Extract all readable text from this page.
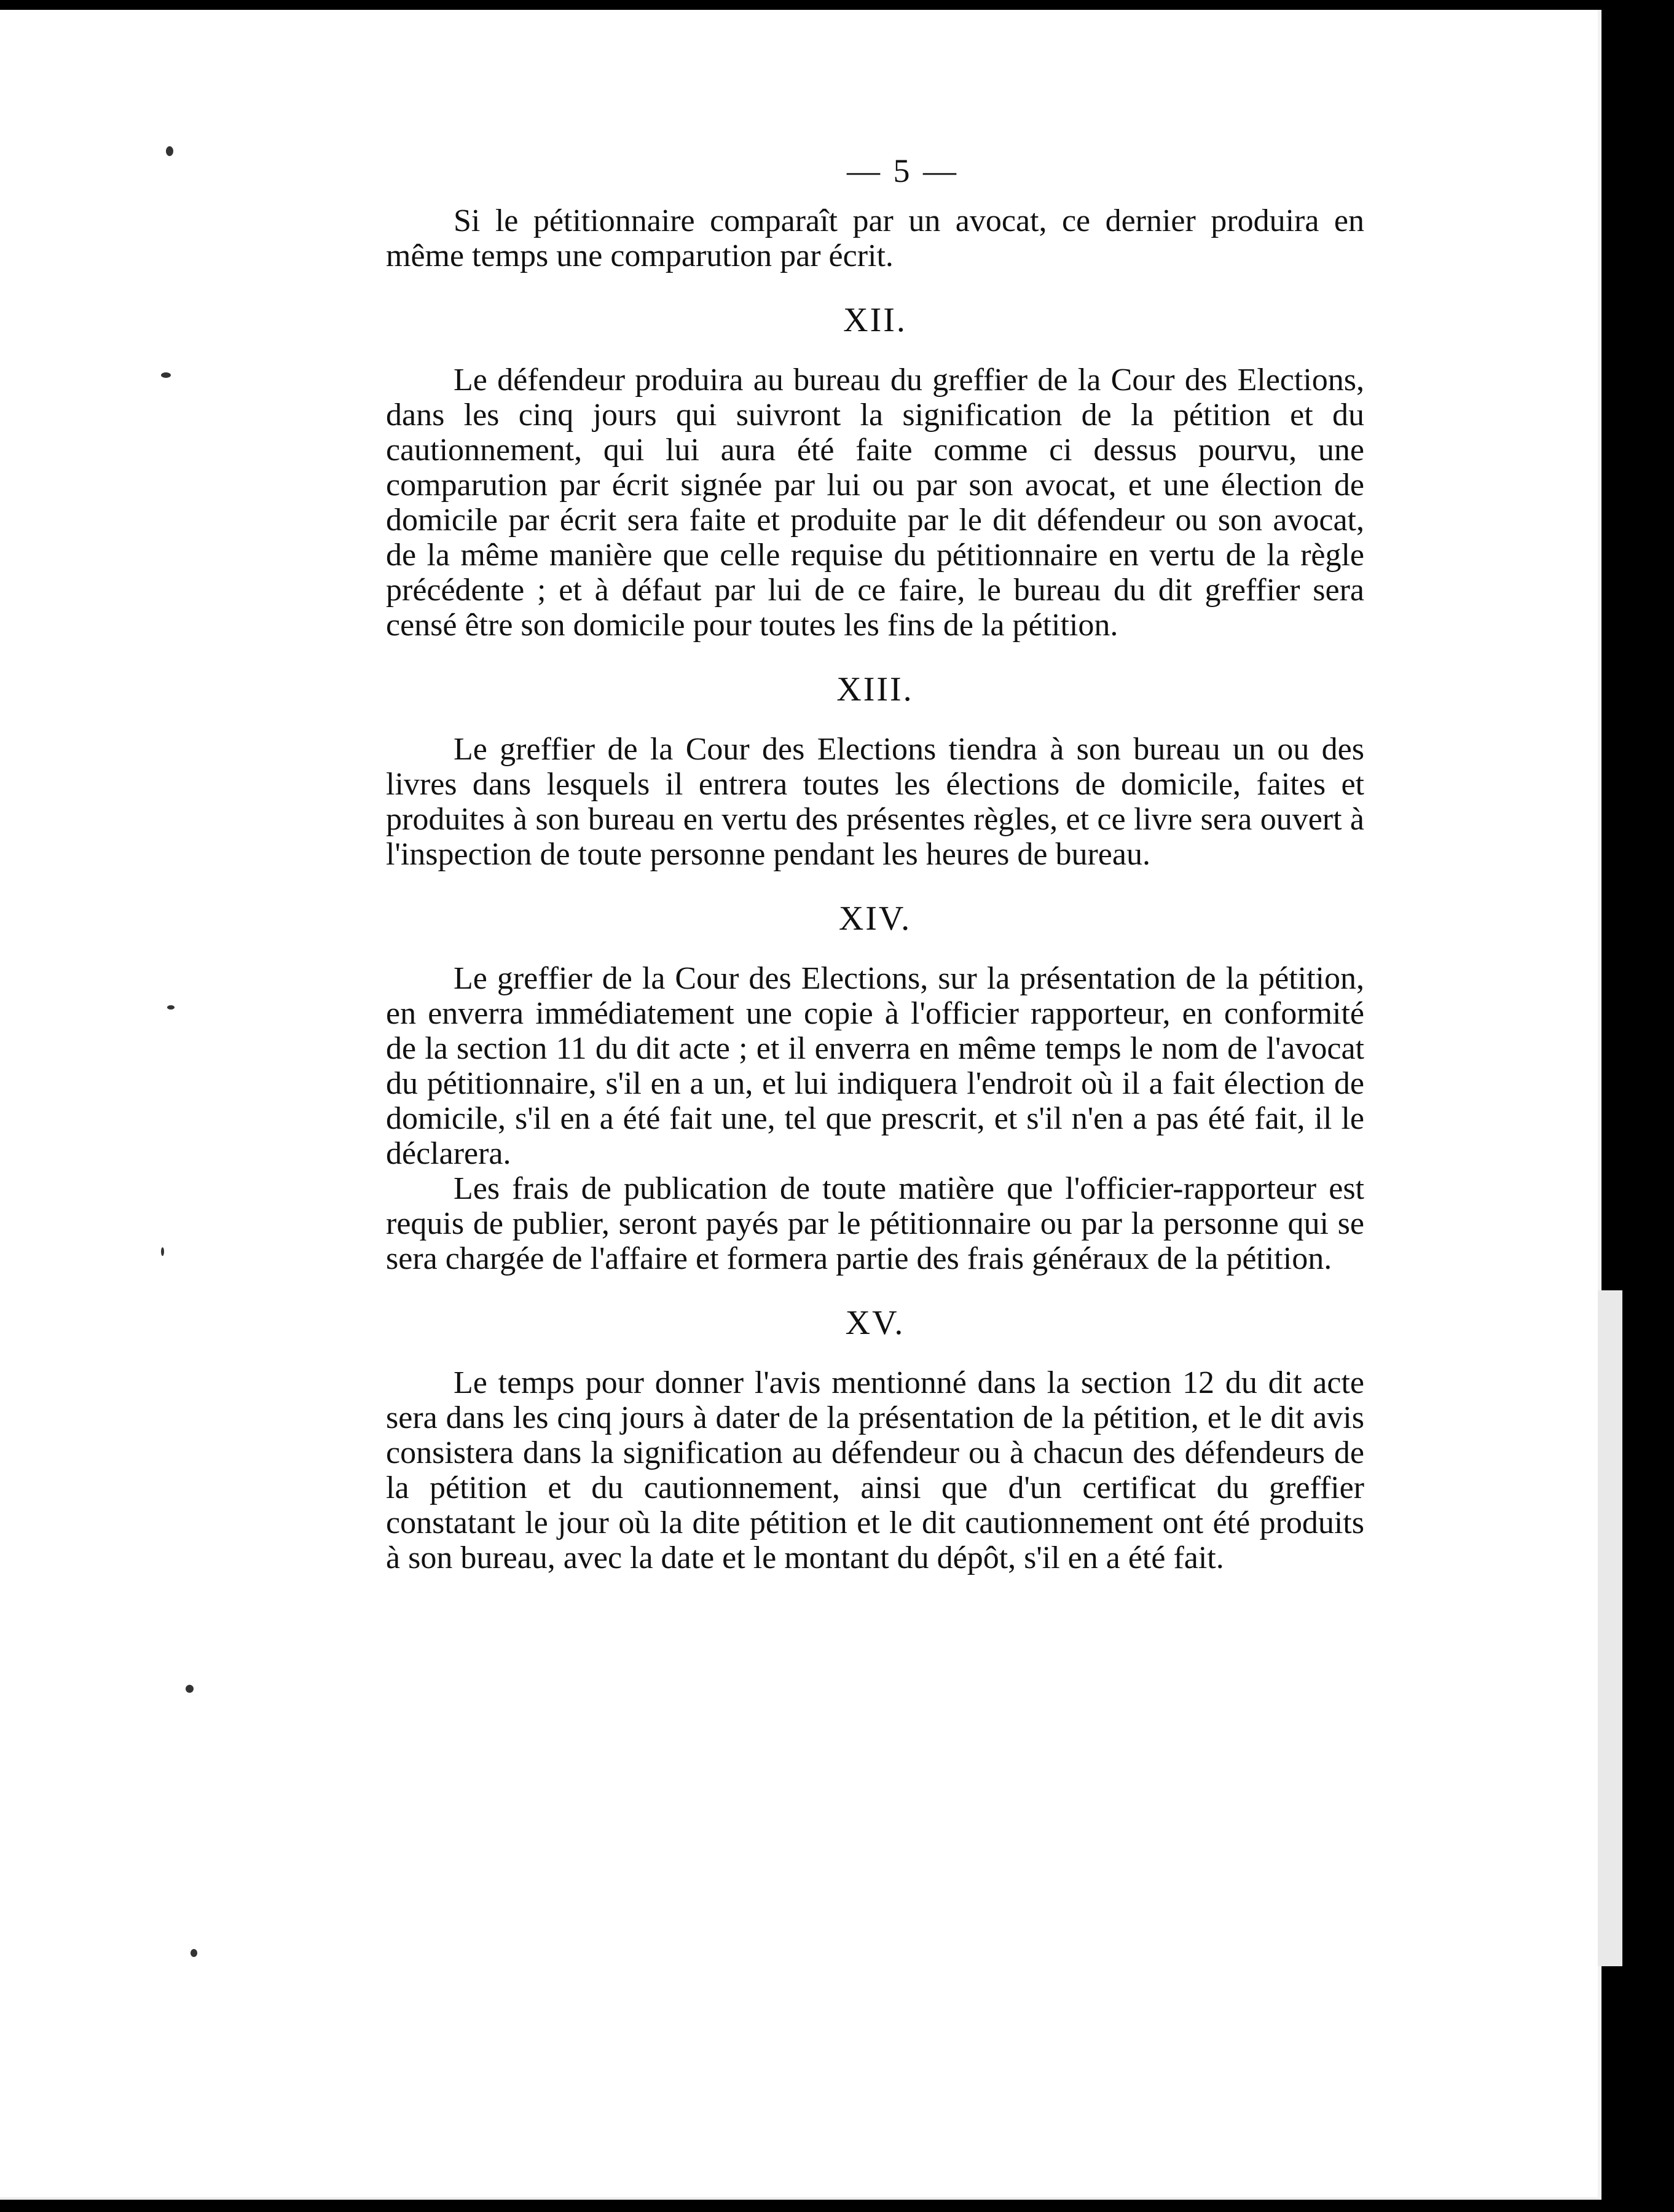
— 5 —

Si le pétitionnaire comparaît par un avocat, ce dernier produira en même temps une comparution par écrit.

XII.

Le défendeur produira au bureau du greffier de la Cour des Elections, dans les cinq jours qui suivront la signification de la pétition et du cautionnement, qui lui aura été faite comme ci dessus pourvu, une comparution par écrit signée par lui ou par son avocat, et une élection de domicile par écrit sera faite et produite par le dit défendeur ou son avocat, de la même manière que celle requise du pétitionnaire en vertu de la règle précédente ; et à défaut par lui de ce faire, le bureau du dit greffier sera censé être son domicile pour toutes les fins de la pétition.

XIII.

Le greffier de la Cour des Elections tiendra à son bureau un ou des livres dans lesquels il entrera toutes les élections de domicile, faites et produites à son bureau en vertu des présentes règles, et ce livre sera ouvert à l'inspection de toute personne pendant les heures de bureau.

XIV.

Le greffier de la Cour des Elections, sur la présentation de la pétition, en enverra immédiatement une copie à l'officier rapporteur, en conformité de la section 11 du dit acte ; et il enverra en même temps le nom de l'avocat du pétitionnaire, s'il en a un, et lui indiquera l'endroit où il a fait élection de domicile, s'il en a été fait une, tel que prescrit, et s'il n'en a pas été fait, il le déclarera.

Les frais de publication de toute matière que l'officier-rapporteur est requis de publier, seront payés par le pétitionnaire ou par la personne qui se sera chargée de l'affaire et formera partie des frais généraux de la pétition.

XV.

Le temps pour donner l'avis mentionné dans la section 12 du dit acte sera dans les cinq jours à dater de la présentation de la pétition, et le dit avis consistera dans la signification au défendeur ou à chacun des défendeurs de la pétition et du cautionnement, ainsi que d'un certificat du greffier constatant le jour où la dite pétition et le dit cautionnement ont été produits à son bureau, avec la date et le montant du dépôt, s'il en a été fait.
